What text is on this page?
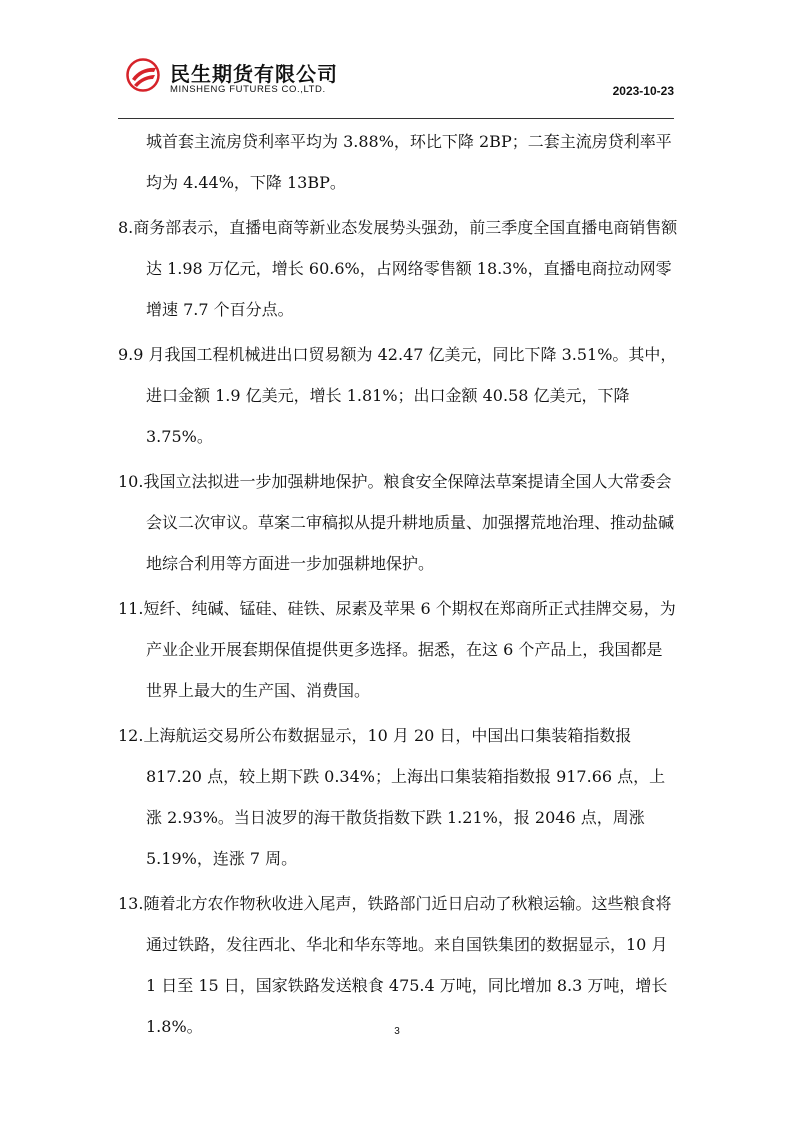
民生期货有限公司
MINSHENG FUTURES CO.,LTD.	2023-10-23

城首套主流房贷利率平均为 3.88%，环比下降 2BP；二套主流房贷利率平均为 4.44%，下降 13BP。

8.商务部表示，直播电商等新业态发展势头强劲，前三季度全国直播电商销售额达 1.98 万亿元，增长 60.6%，占网络零售额 18.3%，直播电商拉动网零增速 7.7 个百分点。

9.9 月我国工程机械进出口贸易额为 42.47 亿美元，同比下降 3.51%。其中，进口金额 1.9 亿美元，增长 1.81%；出口金额 40.58 亿美元，下降 3.75%。

10.我国立法拟进一步加强耕地保护。粮食安全保障法草案提请全国人大常委会会议二次审议。草案二审稿拟从提升耕地质量、加强撂荒地治理、推动盐碱地综合利用等方面进一步加强耕地保护。

11.短纤、纯碱、锰硅、硅铁、尿素及苹果 6 个期权在郑商所正式挂牌交易，为产业企业开展套期保值提供更多选择。据悉，在这 6 个产品上，我国都是世界上最大的生产国、消费国。

12.上海航运交易所公布数据显示，10 月 20 日，中国出口集装箱指数报 817.20 点，较上期下跌 0.34%；上海出口集装箱指数报 917.66 点，上涨 2.93%。当日波罗的海干散货指数下跌 1.21%，报 2046 点，周涨 5.19%，连涨 7 周。

13.随着北方农作物秋收进入尾声，铁路部门近日启动了秋粮运输。这些粮食将通过铁路，发往西北、华北和华东等地。来自国铁集团的数据显示，10 月 1 日至 15 日，国家铁路发送粮食 475.4 万吨，同比增加 8.3 万吨，增长 1.8%。	3
